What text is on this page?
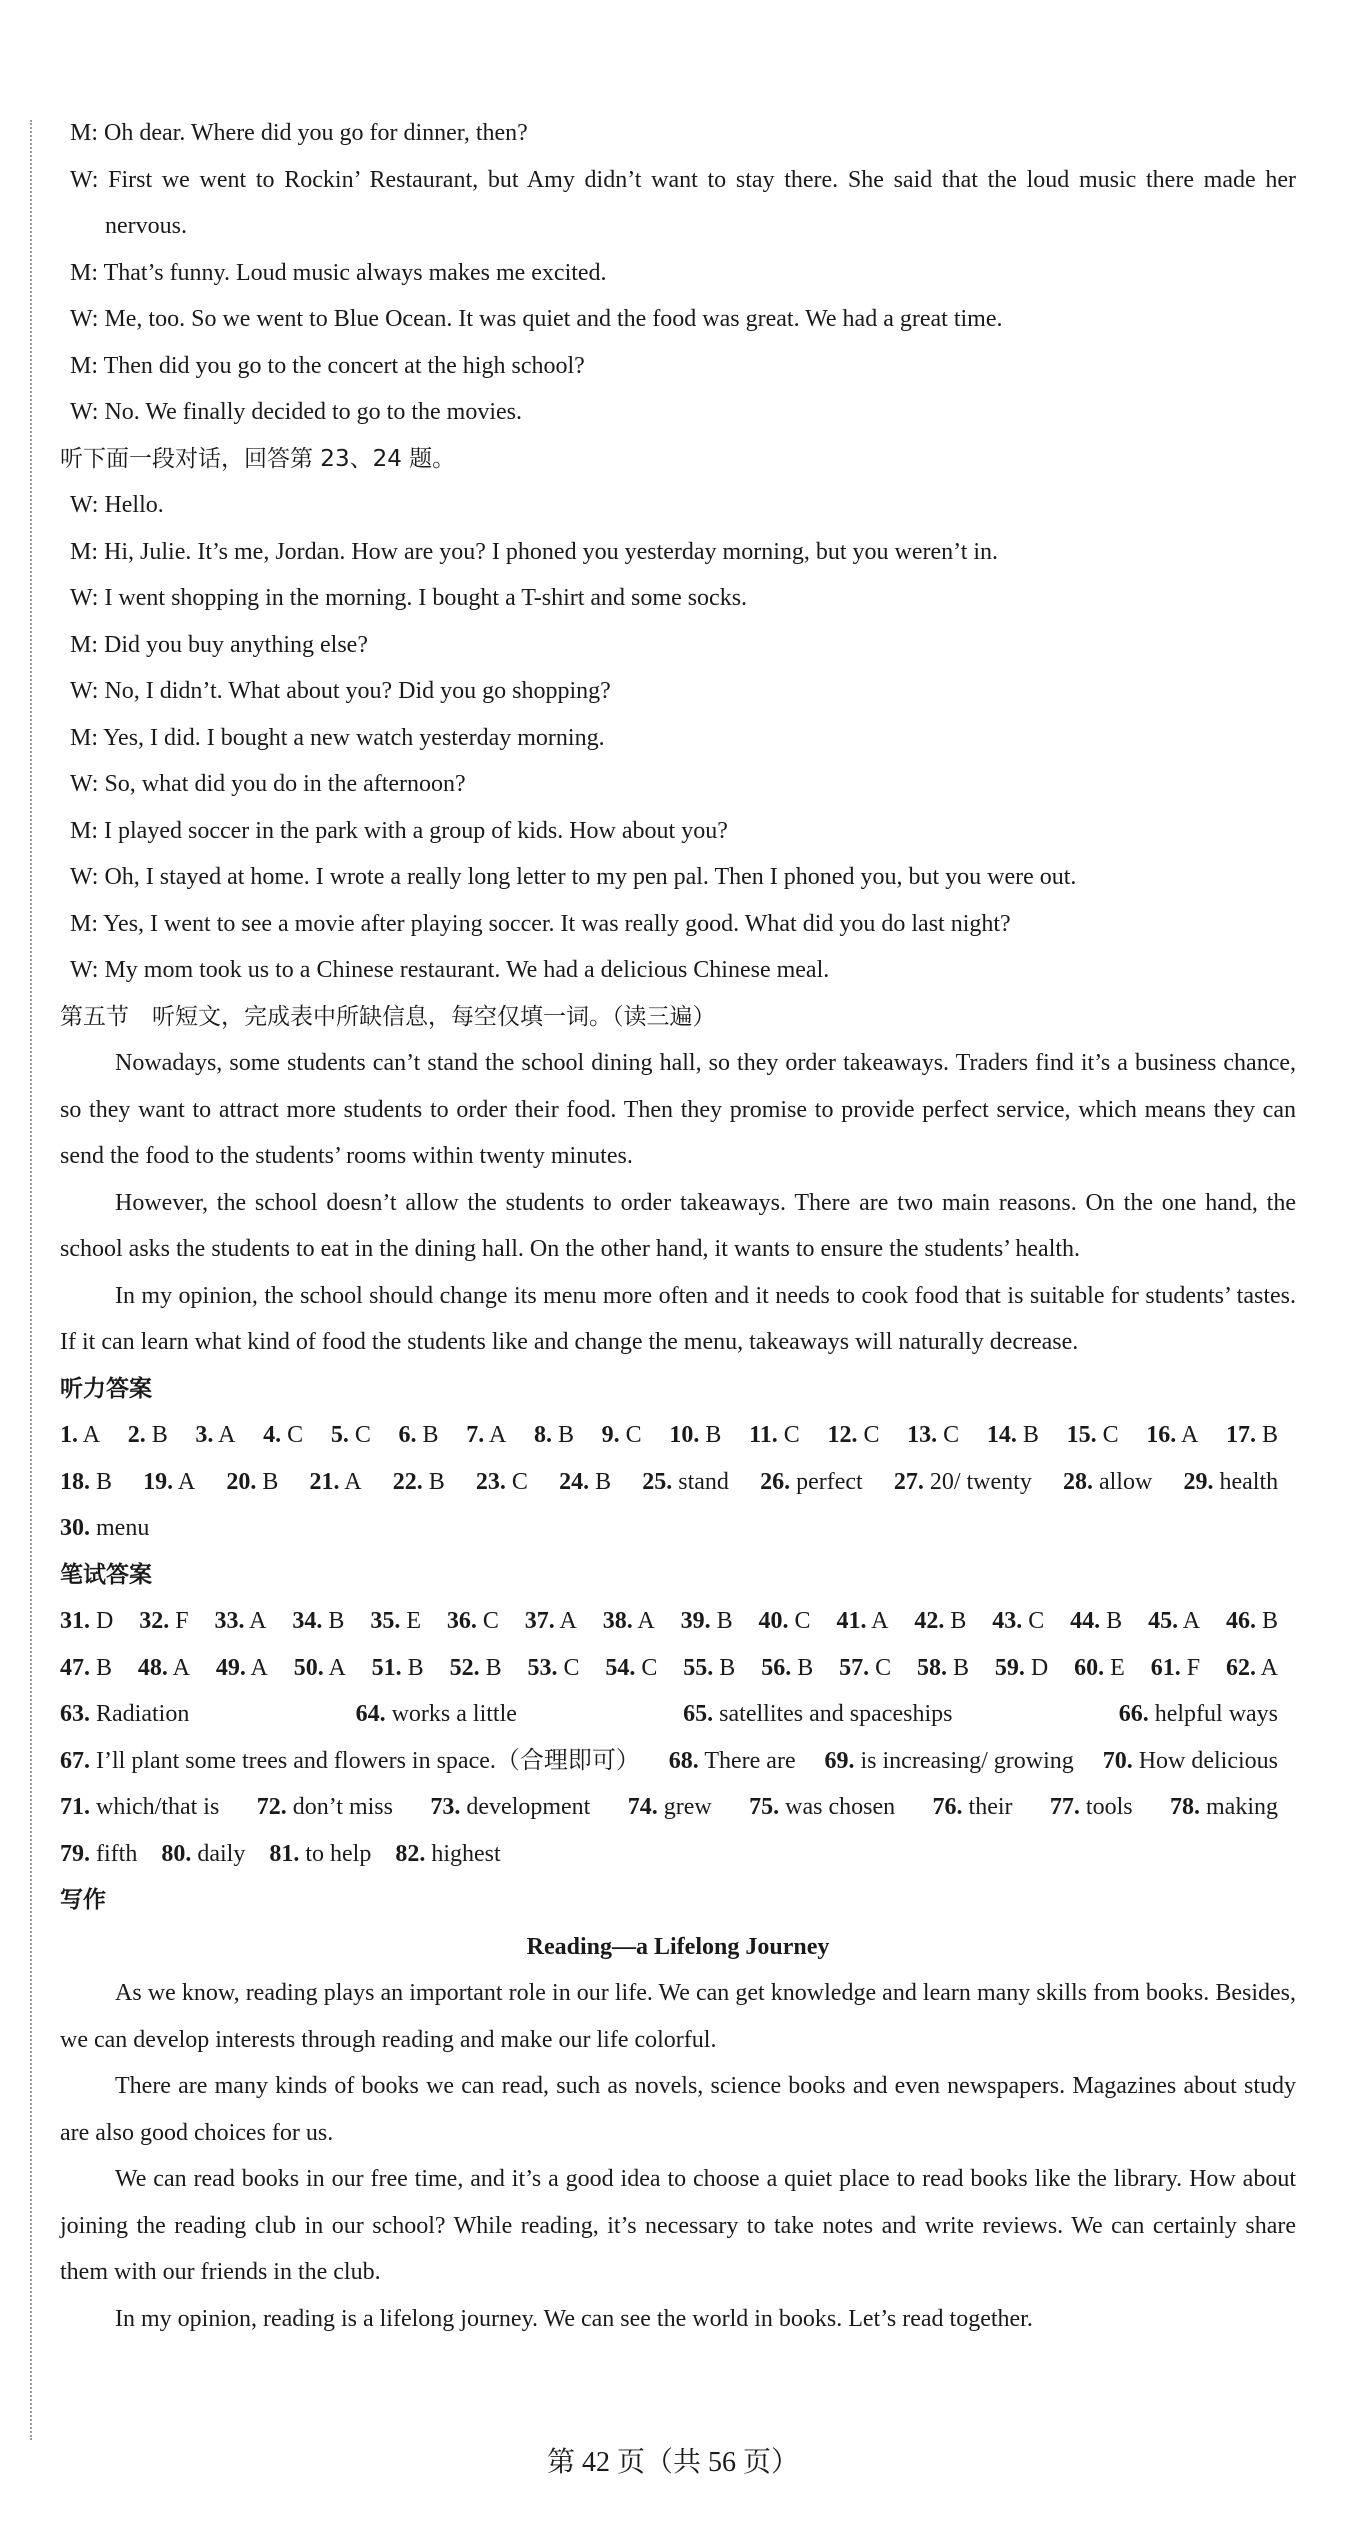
M: Oh dear. Where did you go for dinner, then?
W: First we went to Rockin’ Restaurant, but Amy didn’t want to stay there. She said that the loud music there made her nervous.
M: That’s funny. Loud music always makes me excited.
W: Me, too. So we went to Blue Ocean. It was quiet and the food was great. We had a great time.
M: Then did you go to the concert at the high school?
W: No. We finally decided to go to the movies.
听下面一段对话，回答第 23、24 题。
W: Hello.
M: Hi, Julie. It’s me, Jordan. How are you? I phoned you yesterday morning, but you weren’t in.
W: I went shopping in the morning. I bought a T-shirt and some socks.
M: Did you buy anything else?
W: No, I didn’t. What about you? Did you go shopping?
M: Yes, I did. I bought a new watch yesterday morning.
W: So, what did you do in the afternoon?
M: I played soccer in the park with a group of kids. How about you?
W: Oh, I stayed at home. I wrote a really long letter to my pen pal. Then I phoned you, but you were out.
M: Yes, I went to see a movie after playing soccer. It was really good. What did you do last night?
W: My mom took us to a Chinese restaurant. We had a delicious Chinese meal.
第五节　听短文，完成表中所缺信息，每空仅填一词。（读三遍）
Nowadays, some students can’t stand the school dining hall, so they order takeaways. Traders find it’s a business chance, so they want to attract more students to order their food. Then they promise to provide perfect service, which means they can send the food to the students’ rooms within twenty minutes.
However, the school doesn’t allow the students to order takeaways. There are two main reasons. On the one hand, the school asks the students to eat in the dining hall. On the other hand, it wants to ensure the students’ health.
In my opinion, the school should change its menu more often and it needs to cook food that is suitable for students’ tastes. If it can learn what kind of food the students like and change the menu, takeaways will naturally decrease.
听力答案
1. A 2. B 3. A 4. C 5. C 6. B 7. A 8. B 9. C 10. B 11. C 12. C 13. C 14. B 15. C 16. A 17. B 18. B 19. A 20. B 21. A 22. B 23. C 24. B 25. stand 26. perfect 27. 20/ twenty 28. allow 29. health 30. menu
笔试答案
31. D 32. F 33. A 34. B 35. E 36. C 37. A 38. A 39. B 40. C 41. A 42. B 43. C 44. B 45. A 46. B 47. B 48. A 49. A 50. A 51. B 52. B 53. C 54. C 55. B 56. B 57. C 58. B 59. D 60. E 61. F 62. A 63. Radiation	64. works a little	65. satellites and spaceships	66. helpful ways 67. I’ll plant some trees and flowers in space.（合理即可） 68. There are 69. is increasing/ growing 70. How delicious 71. which/that is 72. don’t miss 73. development 74. grew 75. was chosen 76. their 77. tools 78. making 79. fifth 80. daily 81. to help 82. highest
写作
Reading—a Lifelong Journey
As we know, reading plays an important role in our life. We can get knowledge and learn many skills from books. Besides, we can develop interests through reading and make our life colorful.
There are many kinds of books we can read, such as novels, science books and even newspapers. Magazines about study are also good choices for us.
We can read books in our free time, and it’s a good idea to choose a quiet place to read books like the library. How about joining the reading club in our school? While reading, it’s necessary to take notes and write reviews. We can certainly share them with our friends in the club.
In my opinion, reading is a lifelong journey. We can see the world in books. Let’s read together.
第 42 页（共 56 页）
